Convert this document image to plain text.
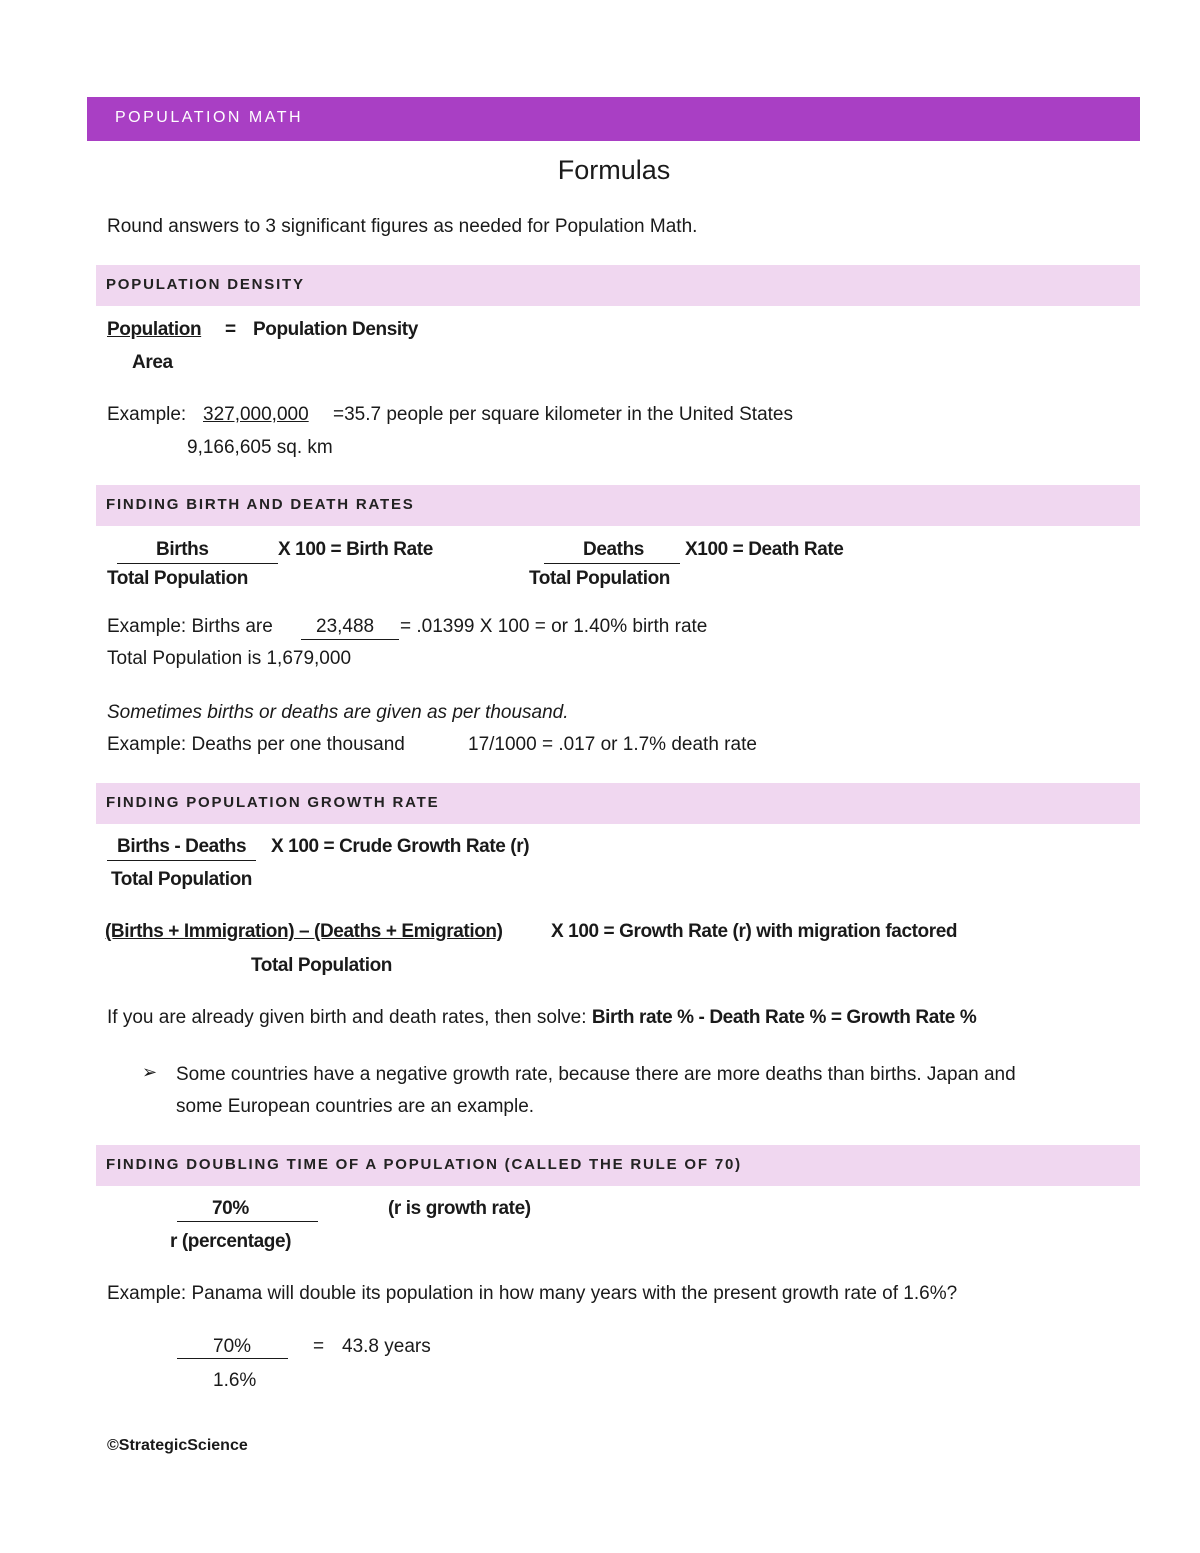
POPULATION MATH
Formulas
Round answers to 3 significant figures as needed for Population Math.
POPULATION DENSITY
Population = Population Density
Area
Example: 327,000,000 =35.7 people per square kilometer in the United States
9,166,605 sq. km
FINDING BIRTH AND DEATH RATES
Births	X 100 = Birth Rate
Total Population
Deaths X100 = Death Rate
Total Population
Example: Births are 23,488 = .01399 X 100 = or 1.40% birth rate
Total Population is 1,679,000
Sometimes births or deaths are given as per thousand.
Example: Deaths per one thousand	17/1000 = .017 or 1.7% death rate
FINDING POPULATION GROWTH RATE
Births - Deaths X 100 = Crude Growth Rate (r)
Total Population
(Births + Immigration) – (Deaths + Emigration)	X 100 = Growth Rate (r) with migration factored
Total Population
If you are already given birth and death rates, then solve: Birth rate % - Death Rate % = Growth Rate %
➢ Some countries have a negative growth rate, because there are more deaths than births. Japan and
some European countries are an example.
FINDING DOUBLING TIME OF A POPULATION (CALLED THE RULE OF 70)
70%
r (percentage)
(r is growth rate)
Example: Panama will double its population in how many years with the present growth rate of 1.6%?
70%	= 43.8 years
1.6%
©StrategicScience
